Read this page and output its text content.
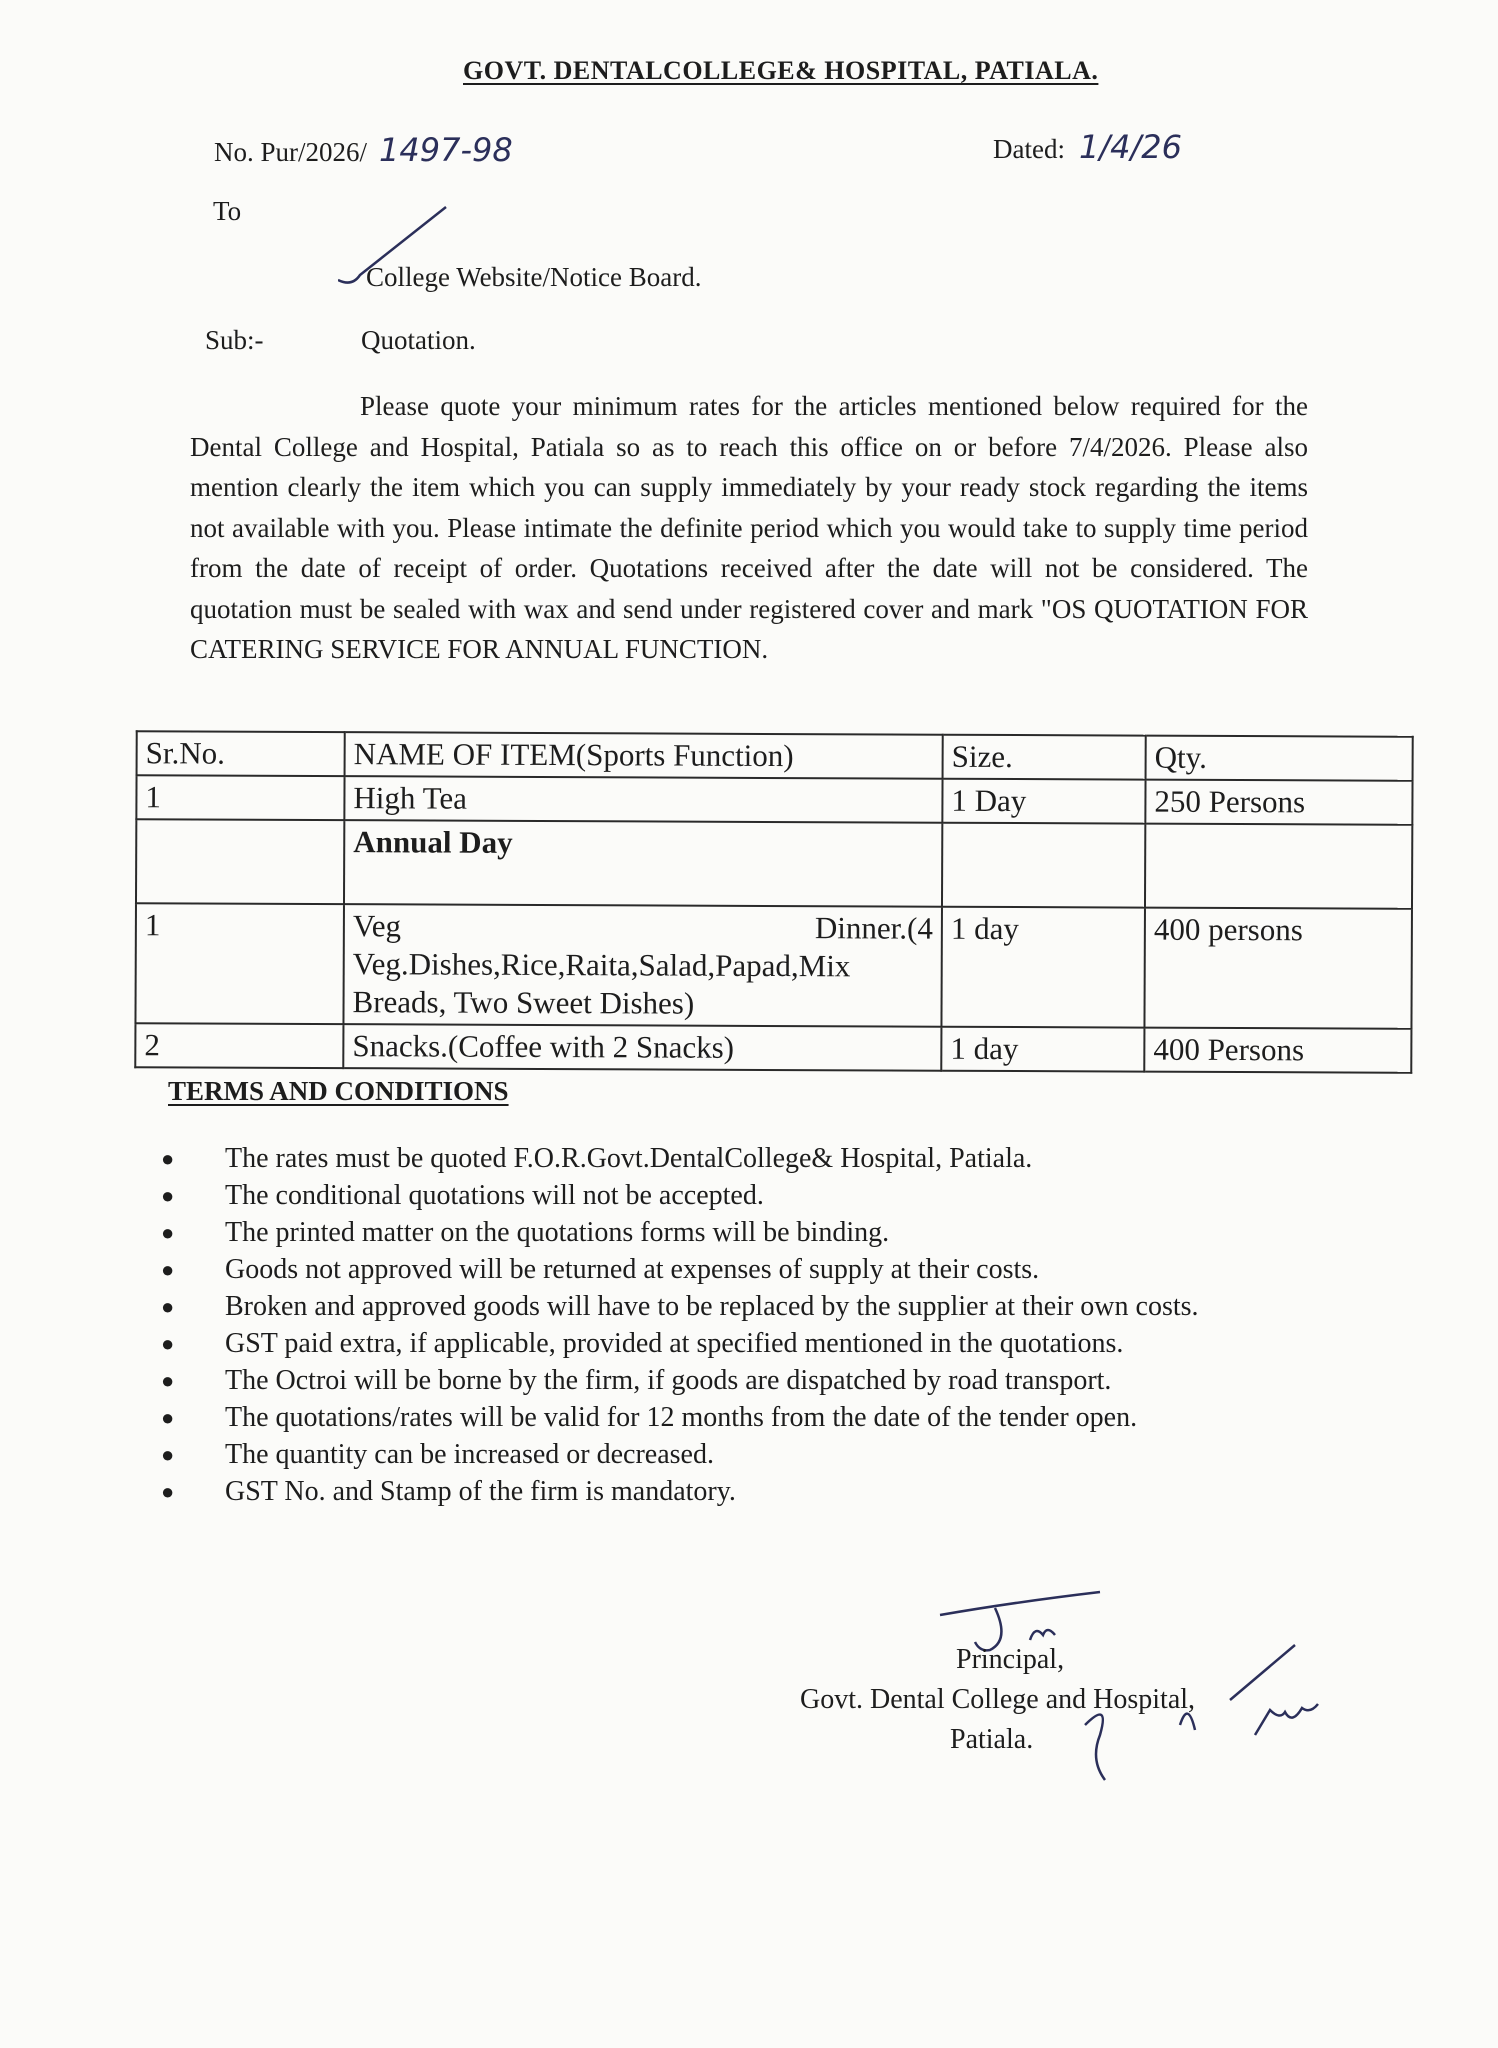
GOVT. DENTALCOLLEGE& HOSPITAL, PATIALA.
No. Pur/2026/ 1497-98	Dated: 1/4/26
To
College Website/Notice Board.
Sub:-	Quotation.
Please quote your minimum rates for the articles mentioned below required for the Dental College and Hospital, Patiala so as to reach this office on or before 7/4/2026. Please also mention clearly the item which you can supply immediately by your ready stock regarding the items not available with you. Please intimate the definite period which you would take to supply time period from the date of receipt of order. Quotations received after the date will not be considered. The quotation must be sealed with wax and send under registered cover and mark "OS QUOTATION FOR CATERING SERVICE FOR ANNUAL FUNCTION.
Sr.No.	NAME OF ITEM(Sports Function)	Size.	Qty.
1	High Tea	1 Day	250 Persons
	Annual Day		
1	Veg Dinner.(4
Veg.Dishes,Rice,Raita,Salad,Papad,Mix Breads, Two Sweet Dishes)	1 day	400 persons
2	Snacks.(Coffee with 2 Snacks)	1 day	400 Persons
TERMS AND CONDITIONS
● The rates must be quoted F.O.R.Govt.DentalCollege& Hospital, Patiala.
● The conditional quotations will not be accepted.
● The printed matter on the quotations forms will be binding.
● Goods not approved will be returned at expenses of supply at their costs.
● Broken and approved goods will have to be replaced by the supplier at their own costs.
● GST paid extra, if applicable, provided at specified mentioned in the quotations.
● The Octroi will be borne by the firm, if goods are dispatched by road transport.
● The quotations/rates will be valid for 12 months from the date of the tender open.
● The quantity can be increased or decreased.
● GST No. and Stamp of the firm is mandatory.
Principal,
Govt. Dental College and Hospital,
Patiala.
